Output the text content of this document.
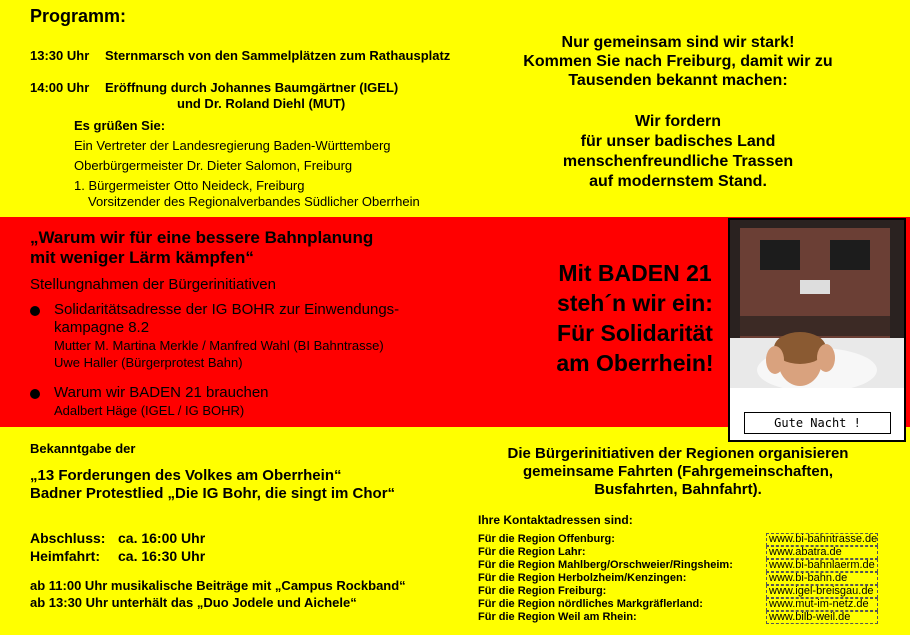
Programm:
13:30 Uhr	Sternmarsch von den Sammelplätzen zum Rathausplatz
14:00 Uhr	Eröffnung durch Johannes Baumgärtner (IGEL)
und Dr. Roland Diehl (MUT)
Es grüßen Sie:
Ein Vertreter der Landesregierung Baden-Württemberg
Oberbürgermeister Dr. Dieter Salomon, Freiburg
1. Bürgermeister Otto Neideck, Freiburg
Vorsitzender des Regionalverbandes Südlicher Oberrhein
Nur gemeinsam sind wir stark!
Kommen Sie nach Freiburg, damit wir zu
Tausenden bekannt machen:
Wir fordern
für unser badisches Land
menschenfreundliche Trassen
auf modernstem Stand.
„Warum wir für eine bessere Bahnplanung
mit weniger Lärm kämpfen“
Stellungnahmen der Bürgerinitiativen
Solidaritätsadresse der IG BOHR zur Einwendungs-
kampagne 8.2
Mutter M. Martina Merkle / Manfred Wahl (BI Bahntrasse)
Uwe Haller (Bürgerprotest Bahn)
Warum wir BADEN 21 brauchen
Adalbert Häge (IGEL / IG BOHR)
Mit BADEN 21
steh´n wir ein:
Für Solidarität
am Oberrhein!
Gute Nacht !
Bekanntgabe der
„13 Forderungen des Volkes am Oberrhein“
Badner Protestlied „Die IG Bohr, die singt im Chor“
Abschluss: ca. 16:00 Uhr
Heimfahrt: ca. 16:30 Uhr
ab 11:00 Uhr musikalische Beiträge mit „Campus Rockband“
ab 13:30 Uhr unterhält das „Duo Jodele und Aichele“
Die Bürgerinitiativen der Regionen organisieren
gemeinsame Fahrten (Fahrgemeinschaften,
Busfahrten, Bahnfahrt).
Ihre Kontaktadressen sind:
Für die Region Offenburg:	www.bi-bahntrasse.de
Für die Region Lahr:	www.abatra.de
Für die Region Mahlberg/Orschweier/Ringsheim:	www.bi-bahnlaerm.de
Für die Region Herbolzheim/Kenzingen:	www.bi-bahn.de
Für die Region Freiburg:	www.igel-breisgau.de
Für die Region nördliches Markgräflerland:	www.mut-im-netz.de
Für die Region Weil am Rhein:	www.bilb-weil.de
